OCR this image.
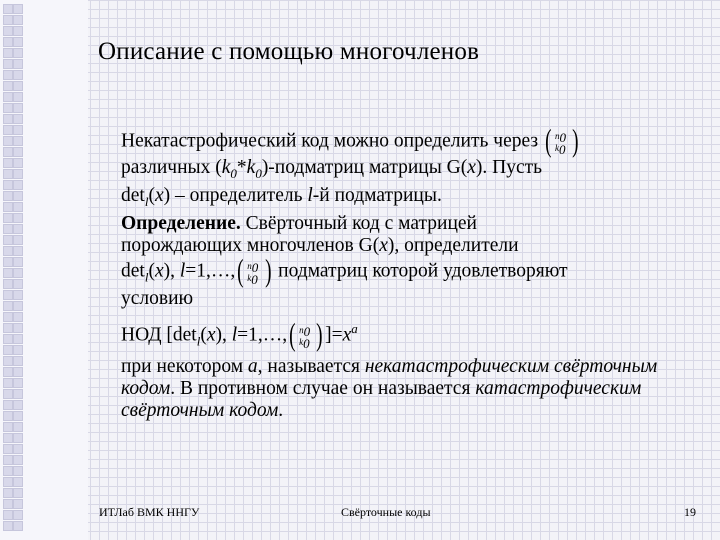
Описание с помощью многочленов
Некатастрофический код можно определить через ( $n_0$
$k_0$ )

различных $(k_0*k_0)$-подматриц матрицы G(x). Пусть
$\det_l(x)$ – определитель l-й подматрицы.
Определение. Свёрточный код с матрицей
порождающих многочленов G(x), определители
$\det_l(x)$, l=1,…, ( $n_0$
$k_0$ ) подматриц которой удовлетворяют
условию
НОД [$\det_l(x)$, l=1,…, ( $n_0$
$k_0$ ) ]$=x^a$
при некотором a, называется некатастрофическим свёрточным кодом. В противном случае он называется катастрофическим свёрточным кодом.
ИТЛаб ВМК ННГУ	Свёрточные коды	19
